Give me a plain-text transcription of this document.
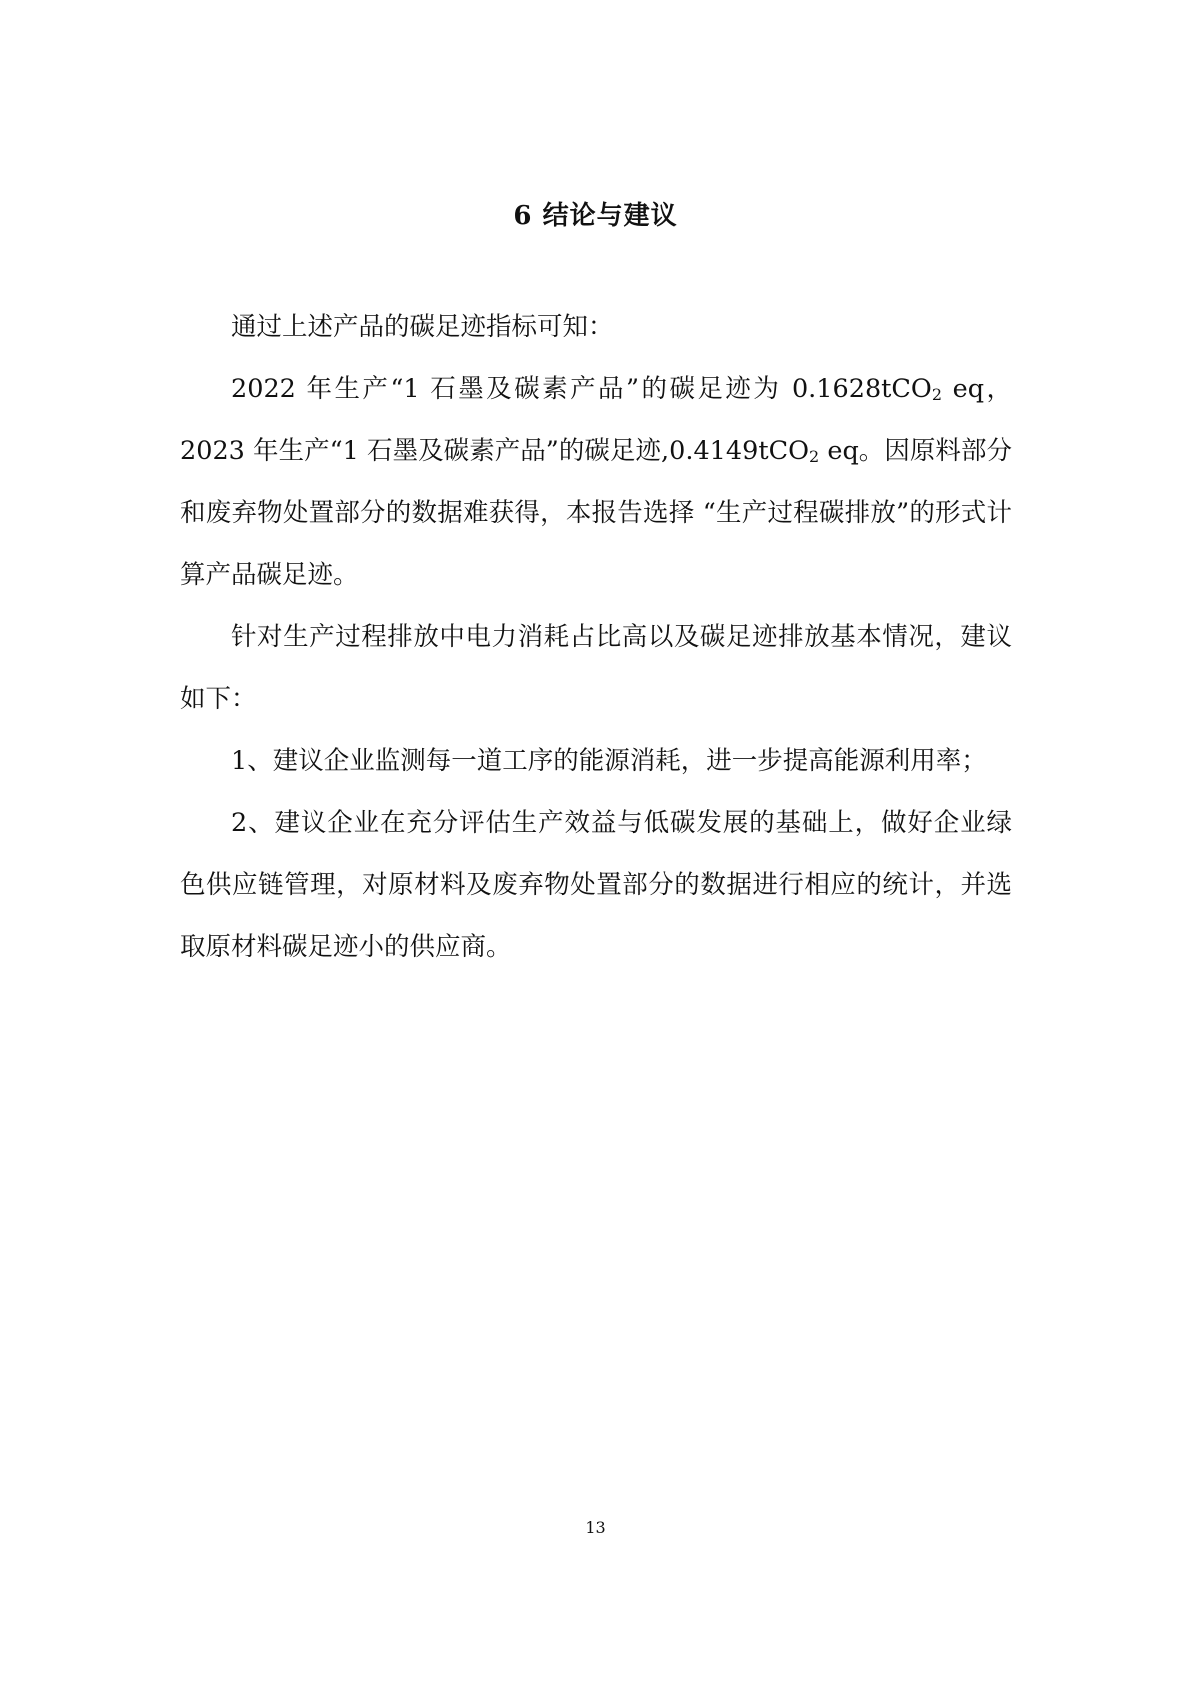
6 结论与建议

通过上述产品的碳足迹指标可知：

2022 年生产“1 石墨及碳素产品”的碳足迹为 0.1628tCO$_2$ eq，2023 年生产“1 石墨及碳素产品”的碳足迹,0.4149tCO$_2$ eq。因原料部分和废弃物处置部分的数据难获得，本报告选择 “生产过程碳排放”的形式计算产品碳足迹。

针对生产过程排放中电力消耗占比高以及碳足迹排放基本情况，建议如下：

1、建议企业监测每一道工序的能源消耗，进一步提高能源利用率；

2、建议企业在充分评估生产效益与低碳发展的基础上，做好企业绿色供应链管理，对原材料及废弃物处置部分的数据进行相应的统计，并选取原材料碳足迹小的供应商。

13
